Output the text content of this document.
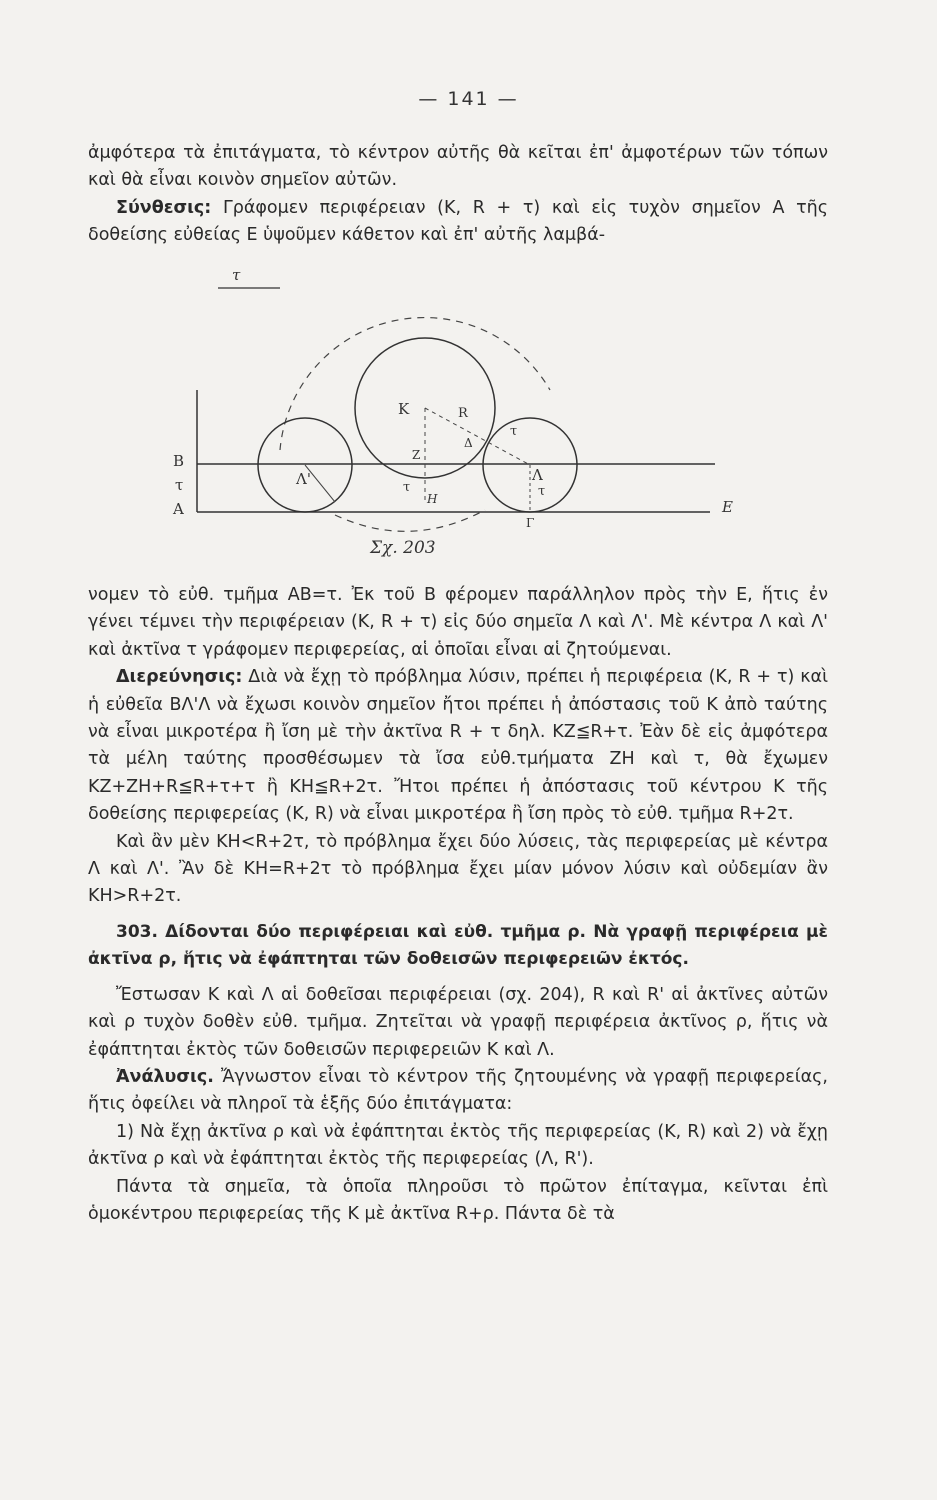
— 141 —

ἀμφότερα τὰ ἐπιτάγματα, τὸ κέντρον αὐτῆς θὰ κεῖται ἐπ' ἀμφοτέρων τῶν τόπων καὶ θὰ εἶναι κοινὸν σημεῖον αὐτῶν.

Σύνθεσις: Γράφομεν περιφέρειαν (Κ, R + τ) καὶ εἰς τυχὸν σημεῖον Α τῆς δοθείσης εὐθείας Ε ὑψοῦμεν κάθετον καὶ ἐπ' αὐτῆς λαμβά-

τ
B
τ
A
K	R
Λ'	Λ
Δ
Z
H
τ	τ
τ
Γ
E
Σχ. 203

νομεν τὸ εὐθ. τμῆμα ΑΒ=τ. Ἐκ τοῦ Β φέρομεν παράλληλον πρὸς τὴν Ε, ἥτις ἐν γένει τέμνει τὴν περιφέρειαν (Κ, R + τ) εἰς δύο σημεῖα Λ καὶ Λ'. Μὲ κέντρα Λ καὶ Λ' καὶ ἀκτῖνα τ γράφομεν περιφερείας, αἱ ὁποῖαι εἶναι αἱ ζητούμεναι.

Διερεύνησις: Διὰ νὰ ἔχῃ τὸ πρόβλημα λύσιν, πρέπει ἡ περιφέρεια (Κ, R + τ) καὶ ἡ εὐθεῖα ΒΛ'Λ νὰ ἔχωσι κοινὸν σημεῖον ἤτοι πρέπει ἡ ἀπόστασις τοῦ Κ ἀπὸ ταύτης νὰ εἶναι μικροτέρα ἢ ἴση μὲ τὴν ἀκτῖνα R + τ δηλ. ΚΖ≦R+τ. Ἐὰν δὲ εἰς ἀμφότερα τὰ μέλη ταύτης προσθέσωμεν τὰ ἴσα εὐθ.τμήματα ΖΗ καὶ τ, θὰ ἔχωμεν ΚΖ+ΖΗ+R≦R+τ+τ ἢ ΚΗ≦R+2τ. Ἤτοι πρέπει ἡ ἀπόστασις τοῦ κέντρου Κ τῆς δοθείσης περιφερείας (Κ, R) νὰ εἶναι μικροτέρα ἢ ἴση πρὸς τὸ εὐθ. τμῆμα R+2τ.

Καὶ ἂν μὲν ΚΗ<R+2τ, τὸ πρόβλημα ἔχει δύο λύσεις, τὰς περιφερείας μὲ κέντρα Λ καὶ Λ'. Ἂν δὲ ΚΗ=R+2τ τὸ πρόβλημα ἔχει μίαν μόνον λύσιν καὶ οὐδεμίαν ἂν ΚΗ>R+2τ.

303. Δίδονται δύο περιφέρειαι καὶ εὐθ. τμῆμα ρ. Νὰ γραφῇ περιφέρεια μὲ ἀκτῖνα ρ, ἥτις νὰ ἐφάπτηται τῶν δοθεισῶν περιφερειῶν ἐκτός.

Ἔστωσαν Κ καὶ Λ αἱ δοθεῖσαι περιφέρειαι (σχ. 204), R καὶ R' αἱ ἀκτῖνες αὐτῶν καὶ ρ τυχὸν δοθὲν εὐθ. τμῆμα. Ζητεῖται νὰ γραφῇ περιφέρεια ἀκτῖνος ρ, ἥτις νὰ ἐφάπτηται ἐκτὸς τῶν δοθεισῶν περιφερειῶν Κ καὶ Λ.

Ἀνάλυσις. Ἄγνωστον εἶναι τὸ κέντρον τῆς ζητουμένης νὰ γραφῇ περιφερείας, ἥτις ὀφείλει νὰ πληροῖ τὰ ἑξῆς δύο ἐπιτάγματα:

1) Νὰ ἔχῃ ἀκτῖνα ρ καὶ νὰ ἐφάπτηται ἐκτὸς τῆς περιφερείας (Κ, R) καὶ 2) νὰ ἔχῃ ἀκτῖνα ρ καὶ νὰ ἐφάπτηται ἐκτὸς τῆς περιφερείας (Λ, R').

Πάντα τὰ σημεῖα, τὰ ὁποῖα πληροῦσι τὸ πρῶτον ἐπίταγμα, κεῖνται ἐπὶ ὁμοκέντρου περιφερείας τῆς Κ μὲ ἀκτῖνα R+ρ. Πάντα δὲ τὰ
